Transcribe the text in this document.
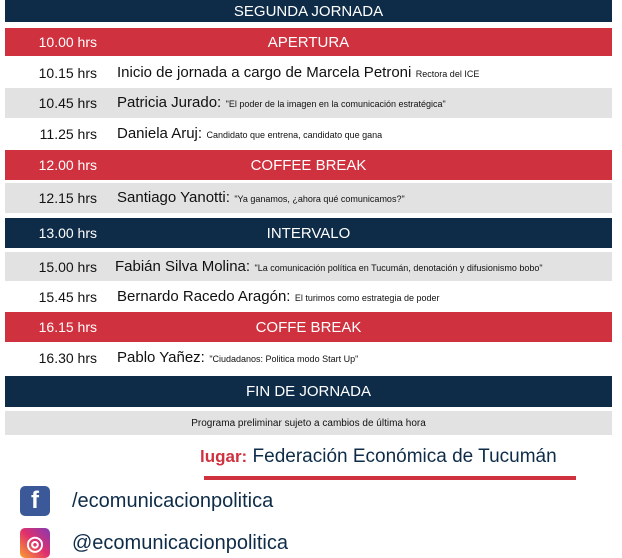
SEGUNDA JORNADA
10.00 hrs	APERTURA
10.15 hrs Inicio de jornada a cargo de Marcela Petroni Rectora del ICE
10.45 hrs Patricia Jurado: "El poder de la imagen en la comunicación estratégica"
11.25 hrs Daniela Aruj: Candidato que entrena, candidato que gana
12.00 hrs	COFFEE BREAK
12.15 hrs Santiago Yanotti: "Ya ganamos, ¿ahora qué comunicamos?"
13.00 hrs	INTERVALO
15.00 hrs Fabián Silva Molina: "La comunicación política en Tucumán, denotación y difusionismo bobo"
15.45 hrs Bernardo Racedo Aragón: El turimos como estrategia de poder
16.15 hrs	COFFE BREAK
16.30 hrs Pablo Yañez: "Ciudadanos: Politica modo Start Up"
FIN DE JORNADA
Programa preliminar sujeto a cambios de última hora
lugar: Federación Económica de Tucumán
f	/ecomunicacionpolitica
◎	@ecomunicacionpolitica
